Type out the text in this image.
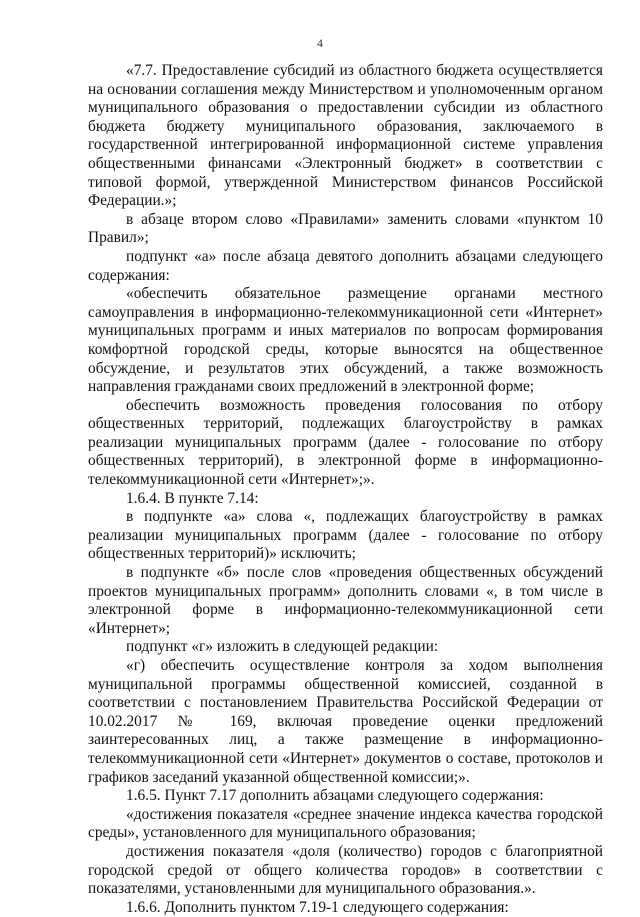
4

«7.7. Предоставление субсидий из областного бюджета осуществляется на основании соглашения между Министерством и уполномоченным органом муниципального образования о предоставлении субсидии из областного бюджета бюджету муниципального образования, заключаемого в государственной интегрированной информационной системе управления общественными финансами «Электронный бюджет» в соответствии с типовой формой, утвержденной Министерством финансов Российской Федерации.»;

в абзаце втором слово «Правилами» заменить словами «пунктом 10 Правил»;

подпункт «а» после абзаца девятого дополнить абзацами следующего содержания:

«обеспечить обязательное размещение органами местного самоуправления в информационно-телекоммуникационной сети «Интернет» муниципальных программ и иных материалов по вопросам формирования комфортной городской среды, которые выносятся на общественное обсуждение, и результатов этих обсуждений, а также возможность направления гражданами своих предложений в электронной форме;

обеспечить возможность проведения голосования по отбору общественных территорий, подлежащих благоустройству в рамках реализации муниципальных программ (далее - голосование по отбору общественных территорий), в электронной форме в информационно-телекоммуникационной сети «Интернет»;».

1.6.4. В пункте 7.14:

в подпункте «а» слова «, подлежащих благоустройству в рамках реализации муниципальных программ (далее - голосование по отбору общественных территорий)» исключить;

в подпункте «б» после слов «проведения общественных обсуждений проектов муниципальных программ» дополнить словами «, в том числе в электронной форме в информационно-телекоммуникационной сети «Интернет»;

подпункт «г» изложить в следующей редакции:

«г) обеспечить осуществление контроля за ходом выполнения муниципальной программы общественной комиссией, созданной в соответствии с постановлением Правительства Российской Федерации от 10.02.2017 № 169, включая проведение оценки предложений заинтересованных лиц, а также размещение в информационно-телекоммуникационной сети «Интернет» документов о составе, протоколов и графиков заседаний указанной общественной комиссии;».

1.6.5. Пункт 7.17 дополнить абзацами следующего содержания:

«достижения показателя «среднее значение индекса качества городской среды», установленного для муниципального образования;

достижения показателя «доля (количество) городов с благоприятной городской средой от общего количества городов» в соответствии с показателями, установленными для муниципального образования.».

1.6.6. Дополнить пунктом 7.19-1 следующего содержания:
